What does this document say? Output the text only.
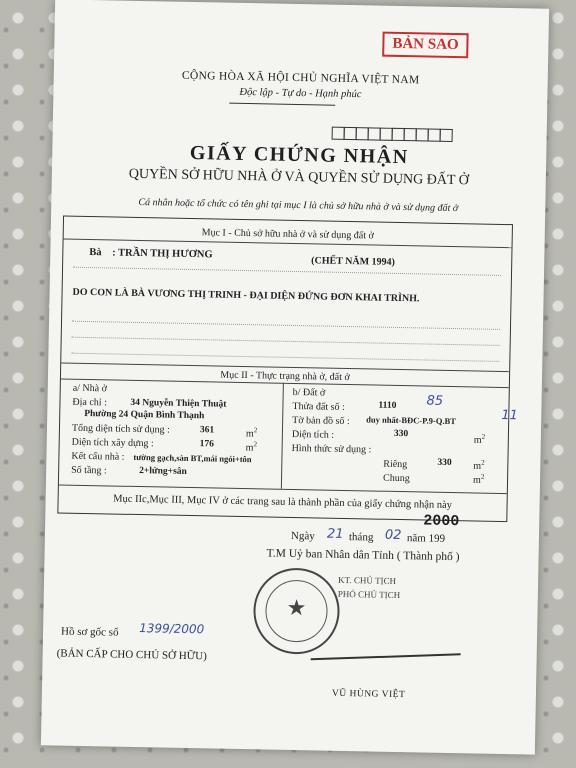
BẢN SAO
CỘNG HÒA XÃ HỘI CHỦ NGHĨA VIỆT NAM
Độc lập - Tự do - Hạnh phúc
GIẤY CHỨNG NHẬN
QUYỀN SỞ HỮU NHÀ Ở VÀ QUYỀN SỬ DỤNG ĐẤT Ở
Cá nhân hoặc tổ chức có tên ghi tại mục I là chủ sở hữu nhà ở và sử dụng đất ở
Mục I - Chủ sở hữu nhà ở và sử dụng đất ở
Bà : TRẦN THỊ HƯƠNG
(CHẾT NĂM 1994)
DO CON LÀ BÀ VƯƠNG THỊ TRINH - ĐẠI DIỆN ĐỨNG ĐƠN KHAI TRÌNH.
Mục II - Thực trạng nhà ở, đất ở
a/ Nhà ở
Địa chỉ : 34 Nguyễn Thiện Thuật
Phường 24 Quận Bình Thạnh
Tổng diện tích sử dụng :	361	$m^2$
Diện tích xây dựng :	176	$m^2$
Kết cấu nhà : tường gạch,sàn BT,mái ngói+tôn
Số tầng :	2+lửng+sân
b/ Đất ở
Thửa đất số :	1110 85
Tờ bản đồ số : duy nhất-BĐC-P.9-Q.BT
Diện tích :	330
$m^2$
Hình thức sử dụng :
Riêng	330 $m^2$
Chung	$m^2$
Mục IIc,Mục III, Mục IV ở các trang sau là thành phần của giấy chứng nhận này
11
Ngày 21 tháng 02 năm 199
2000
T.M Uỷ ban Nhân dân Tỉnh ( Thành phố )
KT. CHỦ TỊCH
PHÓ CHỦ TỊCH
★
VŨ HÙNG VIỆT
Hồ sơ gốc số 1399/2000
(BẢN CẤP CHO CHỦ SỞ HỮU)
